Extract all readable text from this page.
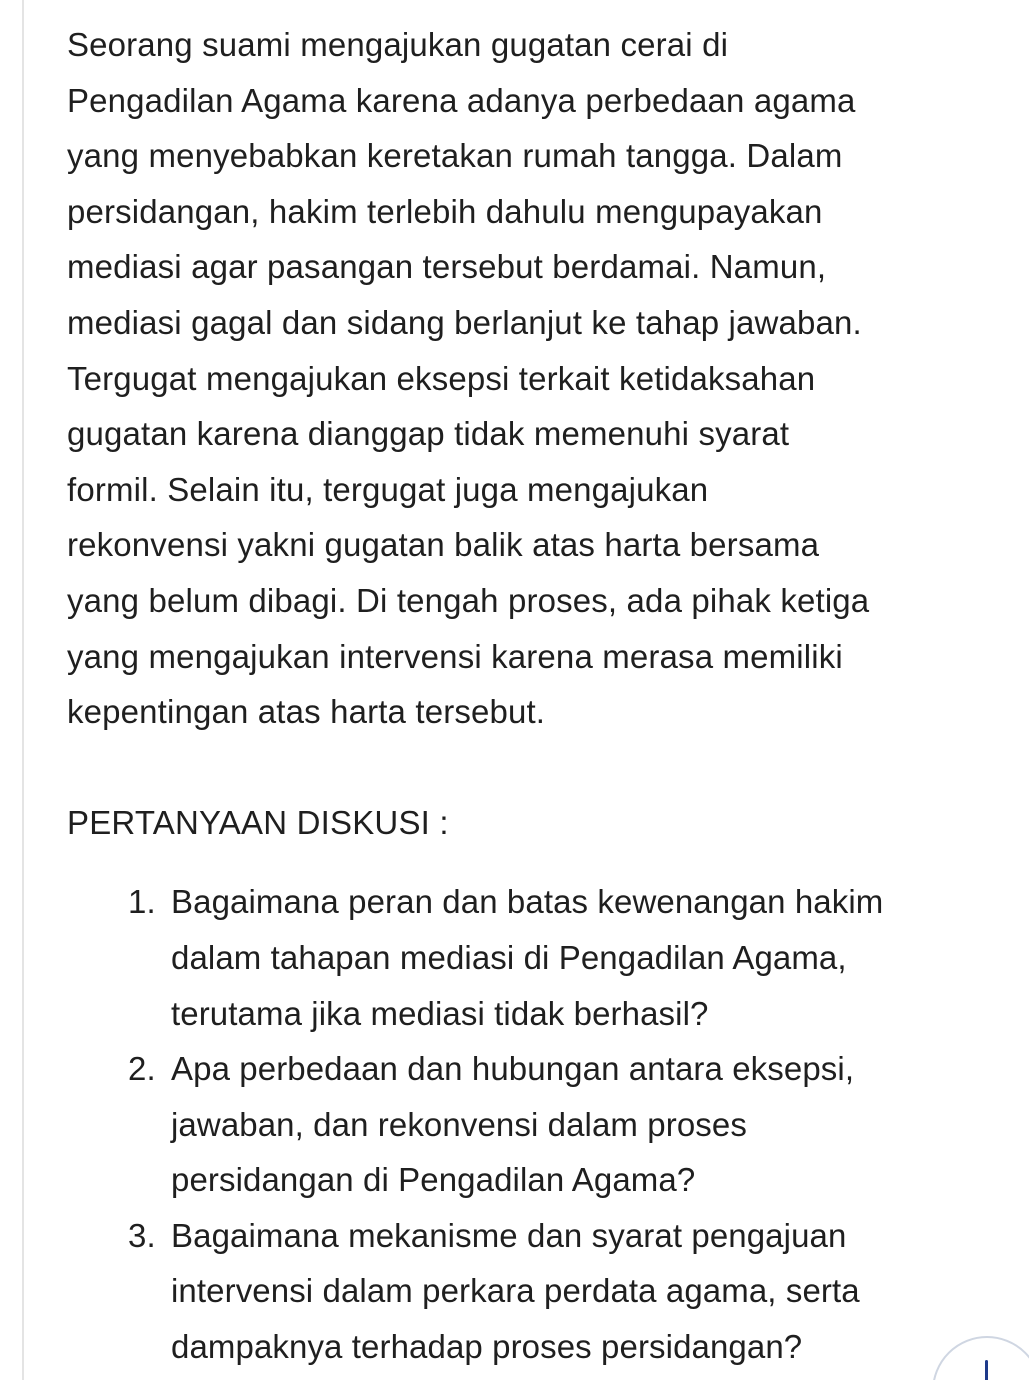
Seorang suami mengajukan gugatan cerai di
Pengadilan Agama karena adanya perbedaan agama
yang menyebabkan keretakan rumah tangga. Dalam
persidangan, hakim terlebih dahulu mengupayakan
mediasi agar pasangan tersebut berdamai. Namun,
mediasi gagal dan sidang berlanjut ke tahap jawaban.
Tergugat mengajukan eksepsi terkait ketidaksahan
gugatan karena dianggap tidak memenuhi syarat
formil. Selain itu, tergugat juga mengajukan
rekonvensi yakni gugatan balik atas harta bersama
yang belum dibagi. Di tengah proses, ada pihak ketiga
yang mengajukan intervensi karena merasa memiliki
kepentingan atas harta tersebut.

PERTANYAAN DISKUSI :
1. Bagaimana peran dan batas kewenangan hakim
dalam tahapan mediasi di Pengadilan Agama,
terutama jika mediasi tidak berhasil?
2. Apa perbedaan dan hubungan antara eksepsi,
jawaban, dan rekonvensi dalam proses
persidangan di Pengadilan Agama?
3. Bagaimana mekanisme dan syarat pengajuan
intervensi dalam perkara perdata agama, serta
dampaknya terhadap proses persidangan?
